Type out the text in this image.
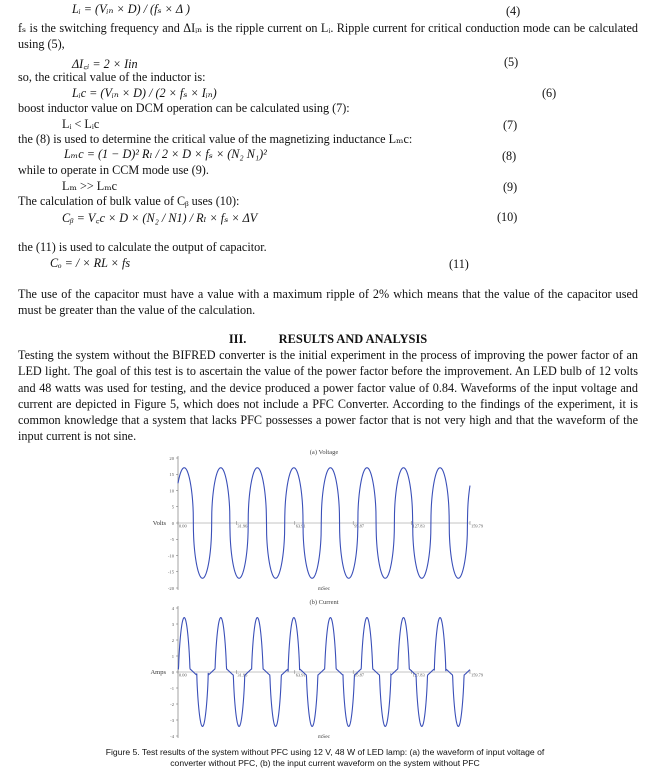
Lᵢ = (Vᵢₙ × D) / (fₛ × Δ )	(4)
fₛ is the switching frequency and ΔIᵢₙ is the ripple current on Lᵢ. Ripple current for critical conduction mode can be calculated using (5),
ΔI꜀ᵢ = 2 × Iin	(5)
so, the critical value of the inductor is:
Lᵢc = (Vᵢₙ × D) / (2 × fₛ × Iᵢₙ)	(6)
boost inductor value on DCM operation can be calculated using (7):
Lᵢ < Lᵢc	(7)
the (8) is used to determine the critical value of the magnetizing inductance Lₘc:
Lₘc = (1 − D)² Rₗ / 2 × D × fₛ × (N₂ N₁)²	(8)
while to operate in CCM mode use (9).
Lₘ >> Lₘc	(9)
The calculation of bulk value of Cᵦ uses (10):
Cᵦ = V꜀c × D × (N₂ / N1) / Rₗ × fₛ × ΔV	(10)
the (11) is used to calculate the output of capacitor.
Cₒ = / × RL × fs	(11)
The use of the capacitor must have a value with a maximum ripple of 2% which means that the value of the capacitor used must be greater than the value of the calculation.
III.	RESULTS AND ANALYSIS
Testing the system without the BIFRED converter is the initial experiment in the process of improving the power factor of an LED light. The goal of this test is to ascertain the value of the power factor before the improvement. An LED bulb of 12 volts and 48 watts was used for testing, and the device produced a power factor value of 0.84. Waveforms of the input voltage and current are depicted in Figure 5, which does not include a PFC Converter. According to the findings of the experiment, it is common knowledge that a system that lacks PFC possesses a power factor that is not very high and that the waveform of the input current is not sine.
(a) Voltage
Volts
mSec
20
15
10
5
0
-5
-10
-15
-20
0.00	31.96	63.91	95.87	127.83	159.79
(b) Current
Amps
mSec
4
3
2
1
0
-1
-2
-3
-4
0.00	31.96	63.91	95.87	127.83	159.79
Figure 5. Test results of the system without PFC using 12 V, 48 W of LED lamp: (a) the waveform of input voltage of converter without PFC, (b) the input current waveform on the system without PFC
